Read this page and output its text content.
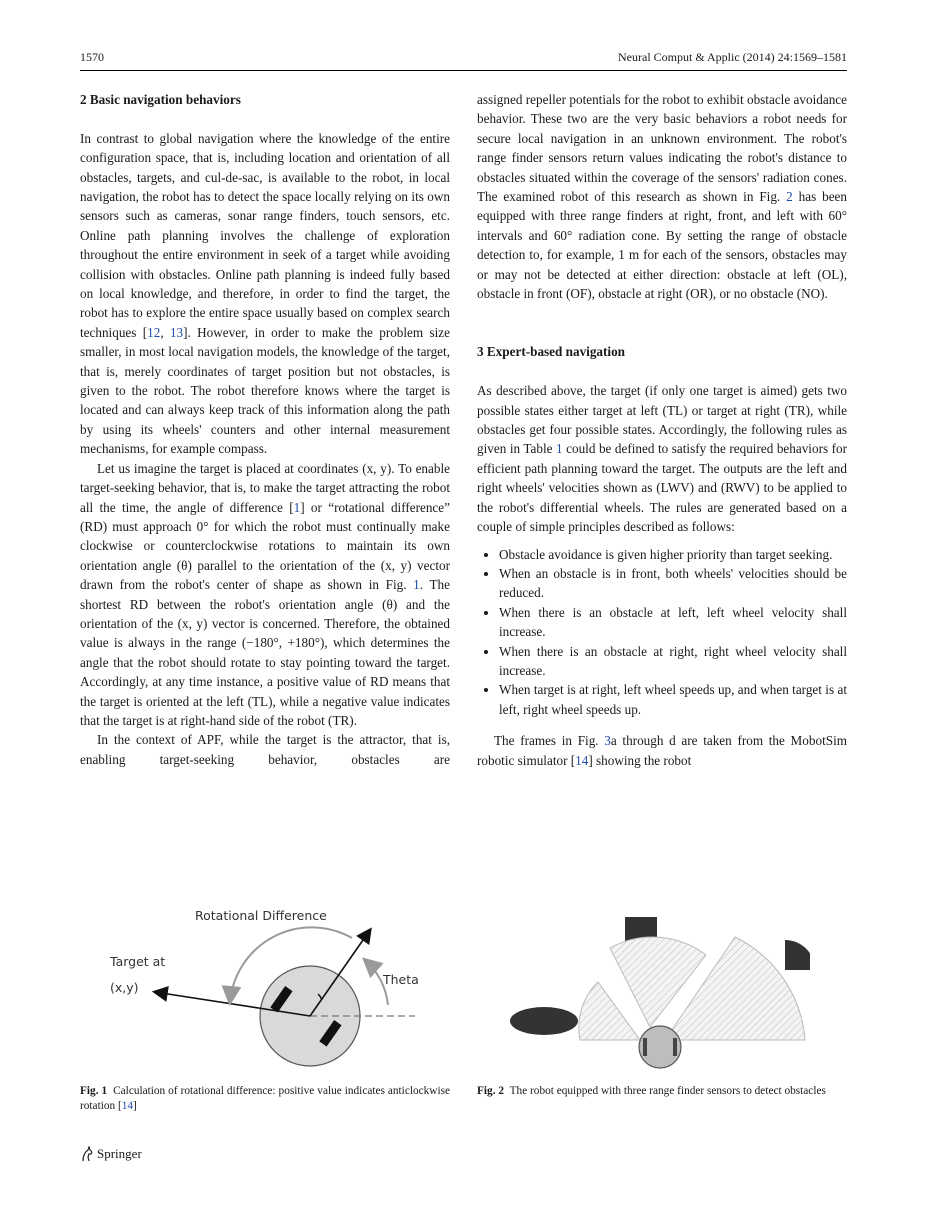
1570	Neural Comput & Applic (2014) 24:1569–1581
2 Basic navigation behaviors

In contrast to global navigation where the knowledge of the entire configuration space, that is, including location and orientation of all obstacles, targets, and cul-de-sac, is available to the robot, in local navigation, the robot has to detect the space locally relying on its own sensors such as cameras, sonar range finders, touch sensors, etc. Online path planning involves the challenge of exploration throughout the entire environment in seek of a target while avoiding collision with obstacles. Online path planning is indeed fully based on local knowledge, and therefore, in order to find the target, the robot has to explore the entire space usually based on complex search techniques [12, 13]. However, in order to make the problem size smaller, in most local navigation models, the knowledge of the target, that is, merely coordinates of target position but not obstacles, is given to the robot. The robot therefore knows where the target is located and can always keep track of this information along the path by using its wheels' counters and other internal measurement mechanisms, for example compass.

Let us imagine the target is placed at coordinates (x, y). To enable target-seeking behavior, that is, to make the target attracting the robot all the time, the angle of difference [1] or “rotational difference” (RD) must approach 0° for which the robot must continually make clockwise or counterclockwise rotations to maintain its own orientation angle (θ) parallel to the orientation of the (x, y) vector drawn from the robot's center of shape as shown in Fig. 1. The shortest RD between the robot's orientation angle (θ) and the orientation of the (x, y) vector is concerned. Therefore, the obtained value is always in the range (−180°, +180°), which determines the angle that the robot should rotate to stay pointing toward the target. Accordingly, at any time instance, a positive value of RD means that the target is oriented at the left (TL), while a negative value indicates that the target is at right-hand side of the robot (TR).

In the context of APF, while the target is the attractor, that is, enabling target-seeking behavior, obstacles are

assigned repeller potentials for the robot to exhibit obstacle avoidance behavior. These two are the very basic behaviors a robot needs for secure local navigation in an unknown environment. The robot's range finder sensors return values indicating the robot's distance to obstacles situated within the coverage of the sensors' radiation cones. The examined robot of this research as shown in Fig. 2 has been equipped with three range finders at right, front, and left with 60° intervals and 60° radiation cone. By setting the range of obstacle detection to, for example, 1 m for each of the sensors, obstacles may or may not be detected at either direction: obstacle at left (OL), obstacle in front (OF), obstacle at right (OR), or no obstacle (NO).

3 Expert-based navigation

As described above, the target (if only one target is aimed) gets two possible states either target at left (TL) or target at right (TR), while obstacles get four possible states. Accordingly, the following rules as given in Table 1 could be defined to satisfy the required behaviors for efficient path planning toward the target. The outputs are the left and right wheels' velocities shown as (LWV) and (RWV) to be applied to the robot's differential wheels. The rules are generated based on a couple of simple principles described as follows:

• Obstacle avoidance is given higher priority than target seeking.
• When an obstacle is in front, both wheels' velocities should be reduced.
• When there is an obstacle at left, left wheel velocity shall increase.
• When there is an obstacle at right, right wheel velocity shall increase.
• When target is at right, left wheel speeds up, and when target is at left, right wheel speeds up.

The frames in Fig. 3a through d are taken from the MobotSim robotic simulator [14] showing the robot

Rotational Difference
Target at
(x,y)
Theta
Fig. 1 Calculation of rotational difference: positive value indicates anticlockwise rotation [14]
Fig. 2 The robot equipped with three range finder sensors to detect obstacles
Springer
